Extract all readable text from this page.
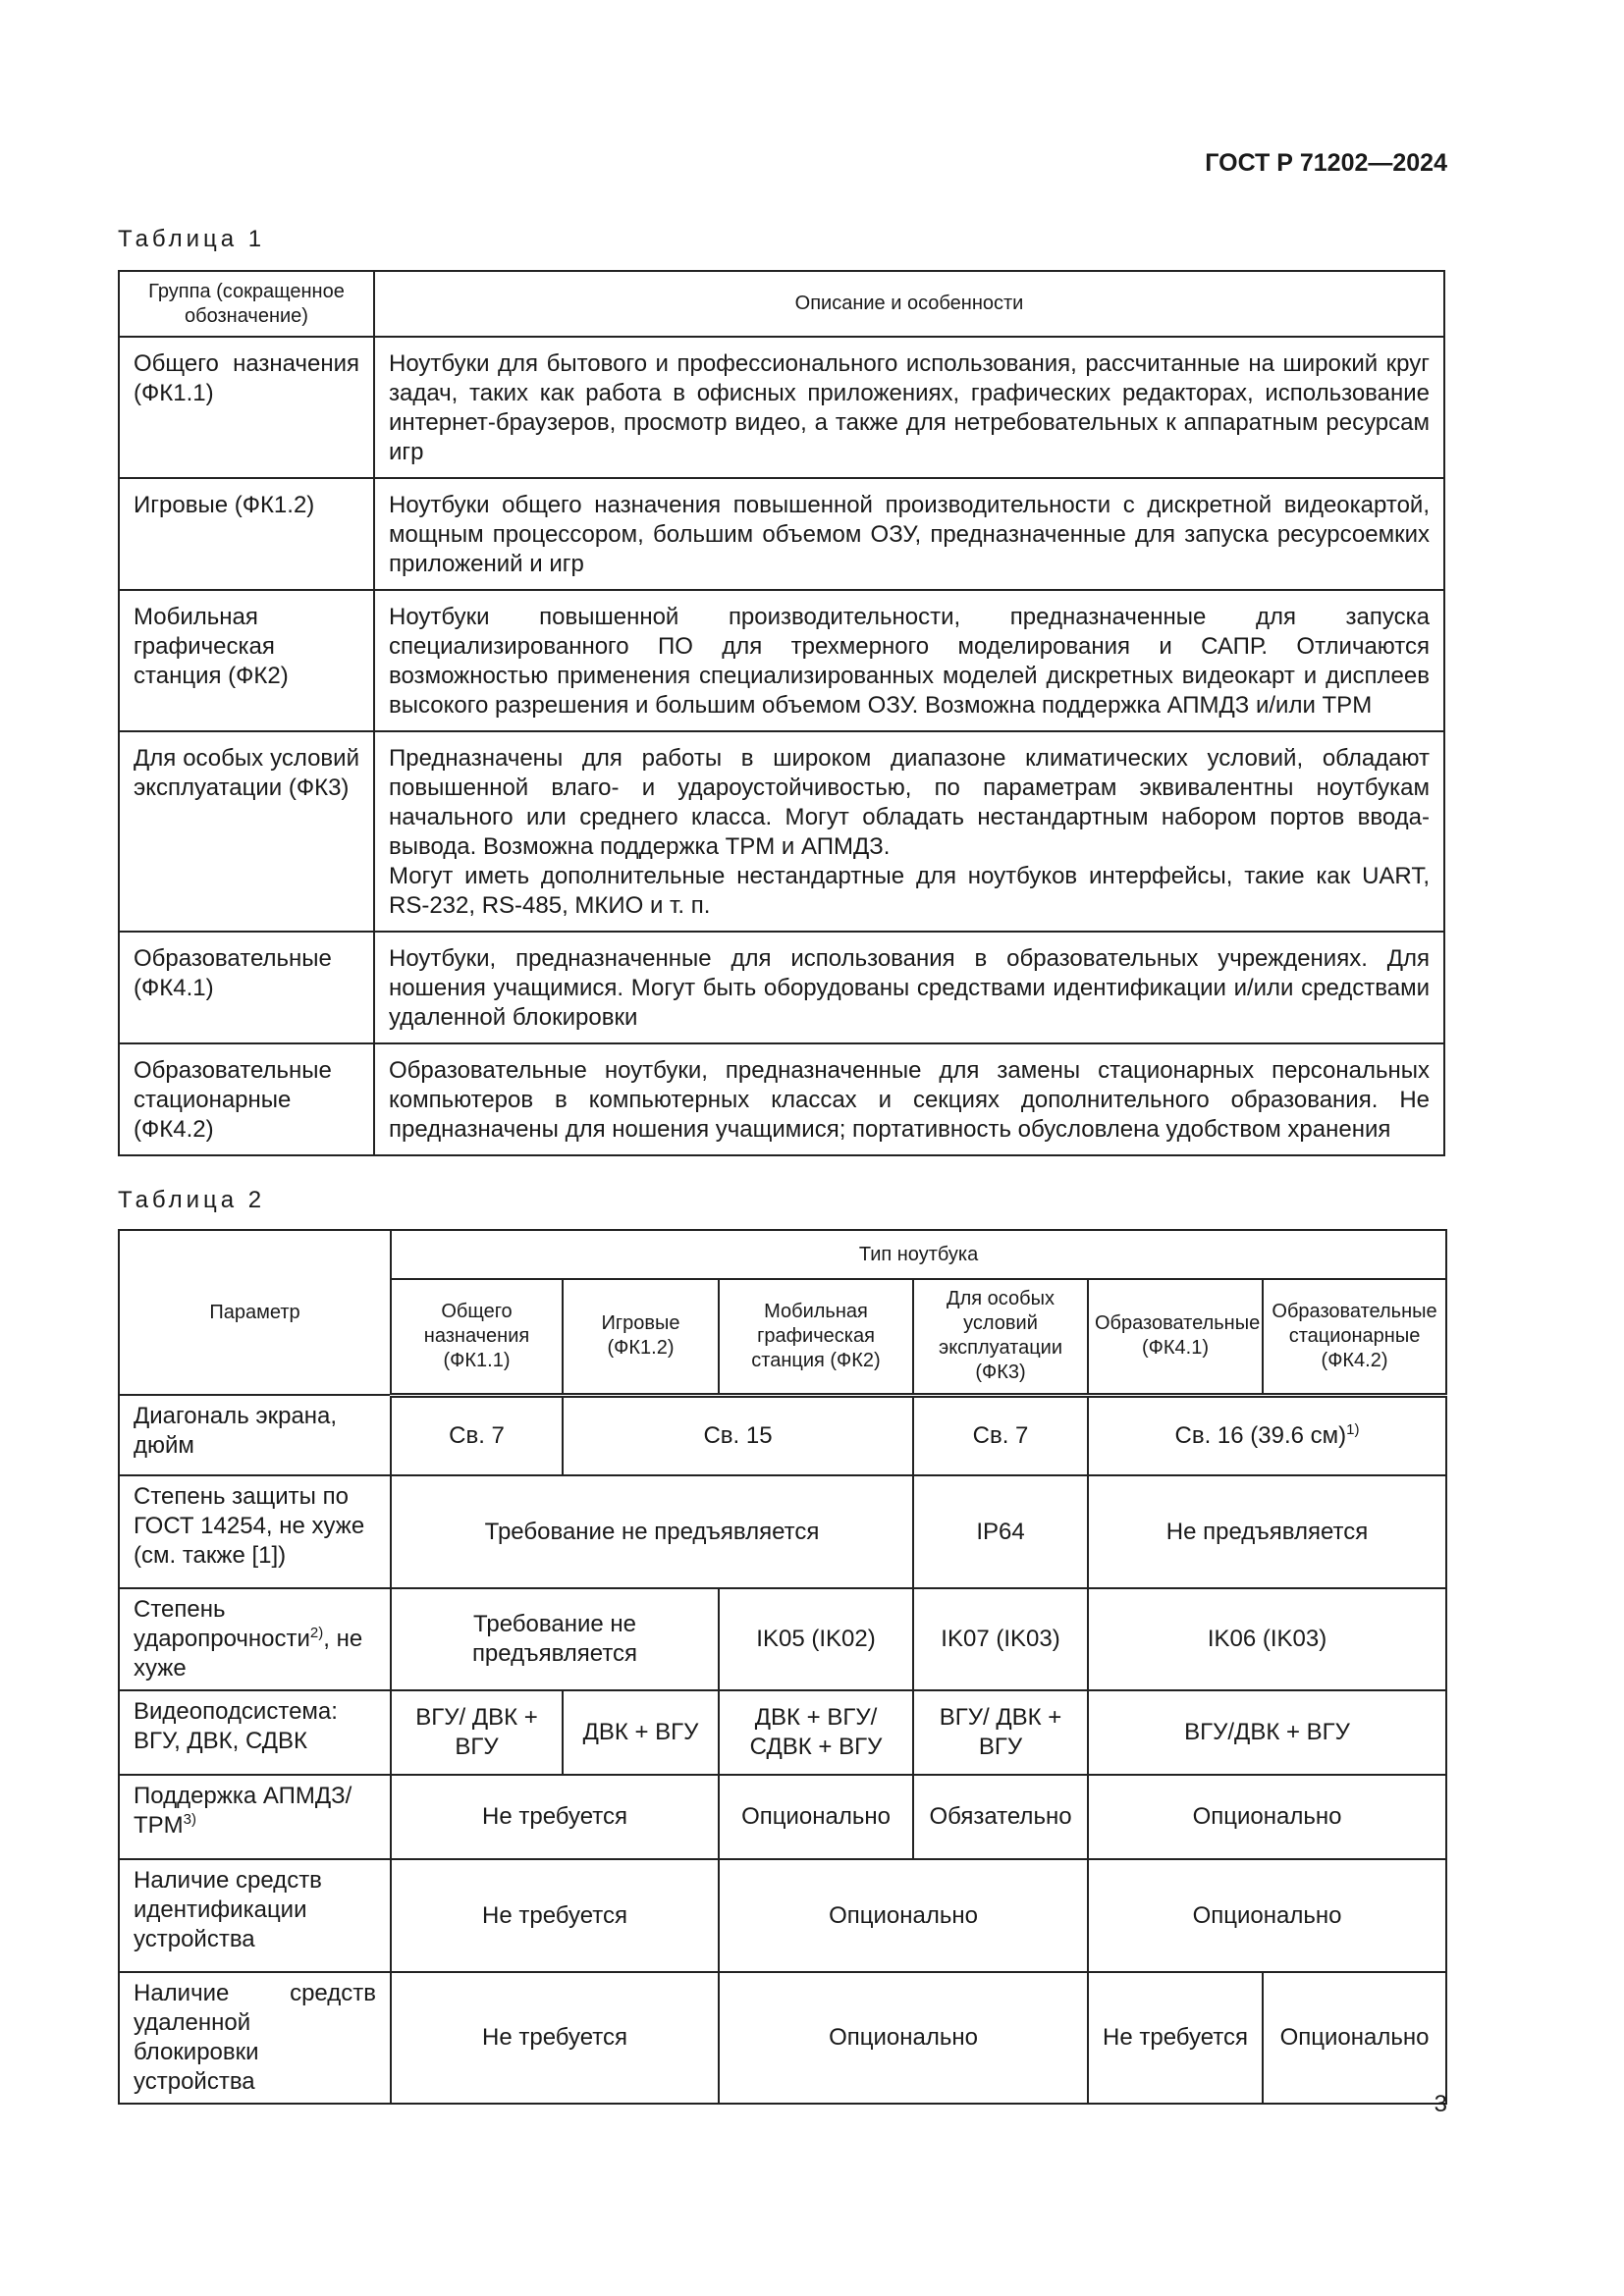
ГОСТ Р 71202—2024
Таблица 1
Группа (сокращенное обозначение)	Описание и особенности
Общего назначения (ФК1.1)	Ноутбуки для бытового и профессионального использования, рассчитанные на широкий круг задач, таких как работа в офисных приложениях, графических редакторах, использование интернет-браузеров, просмотр видео, а также для нетребовательных к аппаратным ресурсам игр
Игровые (ФК1.2)	Ноутбуки общего назначения повышенной производительности с дискретной видеокартой, мощным процессором, большим объемом ОЗУ, предназначенные для запуска ресурсоемких приложений и игр
Мобильная графическая станция (ФК2)	Ноутбуки повышенной производительности, предназначенные для запуска специализированного ПО для трехмерного моделирования и САПР. Отличаются возможностью применения специализированных моделей дискретных видеокарт и дисплеев высокого разрешения и большим объемом ОЗУ. Возможна поддержка АПМДЗ и/или TPM
Для особых условий эксплуатации (ФК3)	Предназначены для работы в широком диапазоне климатических условий, обладают повышенной влаго- и удароустойчивостью, по параметрам эквивалентны ноутбукам начального или среднего класса. Могут обладать нестандартным набором портов ввода-вывода. Возможна поддержка TPM и АПМДЗ.
Могут иметь дополнительные нестандартные для ноутбуков интерфейсы, такие как UART, RS-232, RS-485, МКИО и т. п.

Образовательные (ФК4.1)	Ноутбуки, предназначенные для использования в образовательных учреждениях. Для ношения учащимися. Могут быть оборудованы средствами идентификации и/или средствами удаленной блокировки
Образовательные стационарные (ФК4.2)	Образовательные ноутбуки, предназначенные для замены стационарных персональных компьютеров в компьютерных классах и секциях дополнительного образования. Не предназначены для ношения учащимися; портативность обусловлена удобством хранения
Таблица 2
Параметр	Тип ноутбука					
	Общего назначения (ФК1.1)	Игровые (ФК1.2)	Мобильная графическая станция (ФК2)	Для особых условий эксплуатации (ФК3)	Образовательные (ФК4.1)	Образовательные стационарные (ФК4.2)
Диагональ экрана, дюйм	Св. 7	Св. 15		Св. 7	Св. 16 (39.6 см)$^{1)}$
Степень защиты по ГОСТ 14254, не хуже (см. также [1])	Требование не предъявляется			IP64	Не предъявляется	
Степень ударопрочности$^{2)}$, не хуже	Требование не предъявляется		IK05 (IK02)	IK07 (IK03)	IK06 (IK03)	
Видеоподсистема: ВГУ, ДВК, СДВК	ВГУ/ ДВК + ВГУ	ДВК + ВГУ	ДВК + ВГУ/ СДВК + ВГУ	ВГУ/ ДВК + ВГУ	ВГУ/ДВК + ВГУ	
Поддержка АПМДЗ/ TPM$^{3)}$	Не требуется		Опционально	Обязательно	Опционально	
Наличие средств идентификации устройства	Не требуется		Опционально		Опционально	
Наличие средств удаленной блокировки устройства	Не требуется		Опционально		Не требуется	Опционально
3
